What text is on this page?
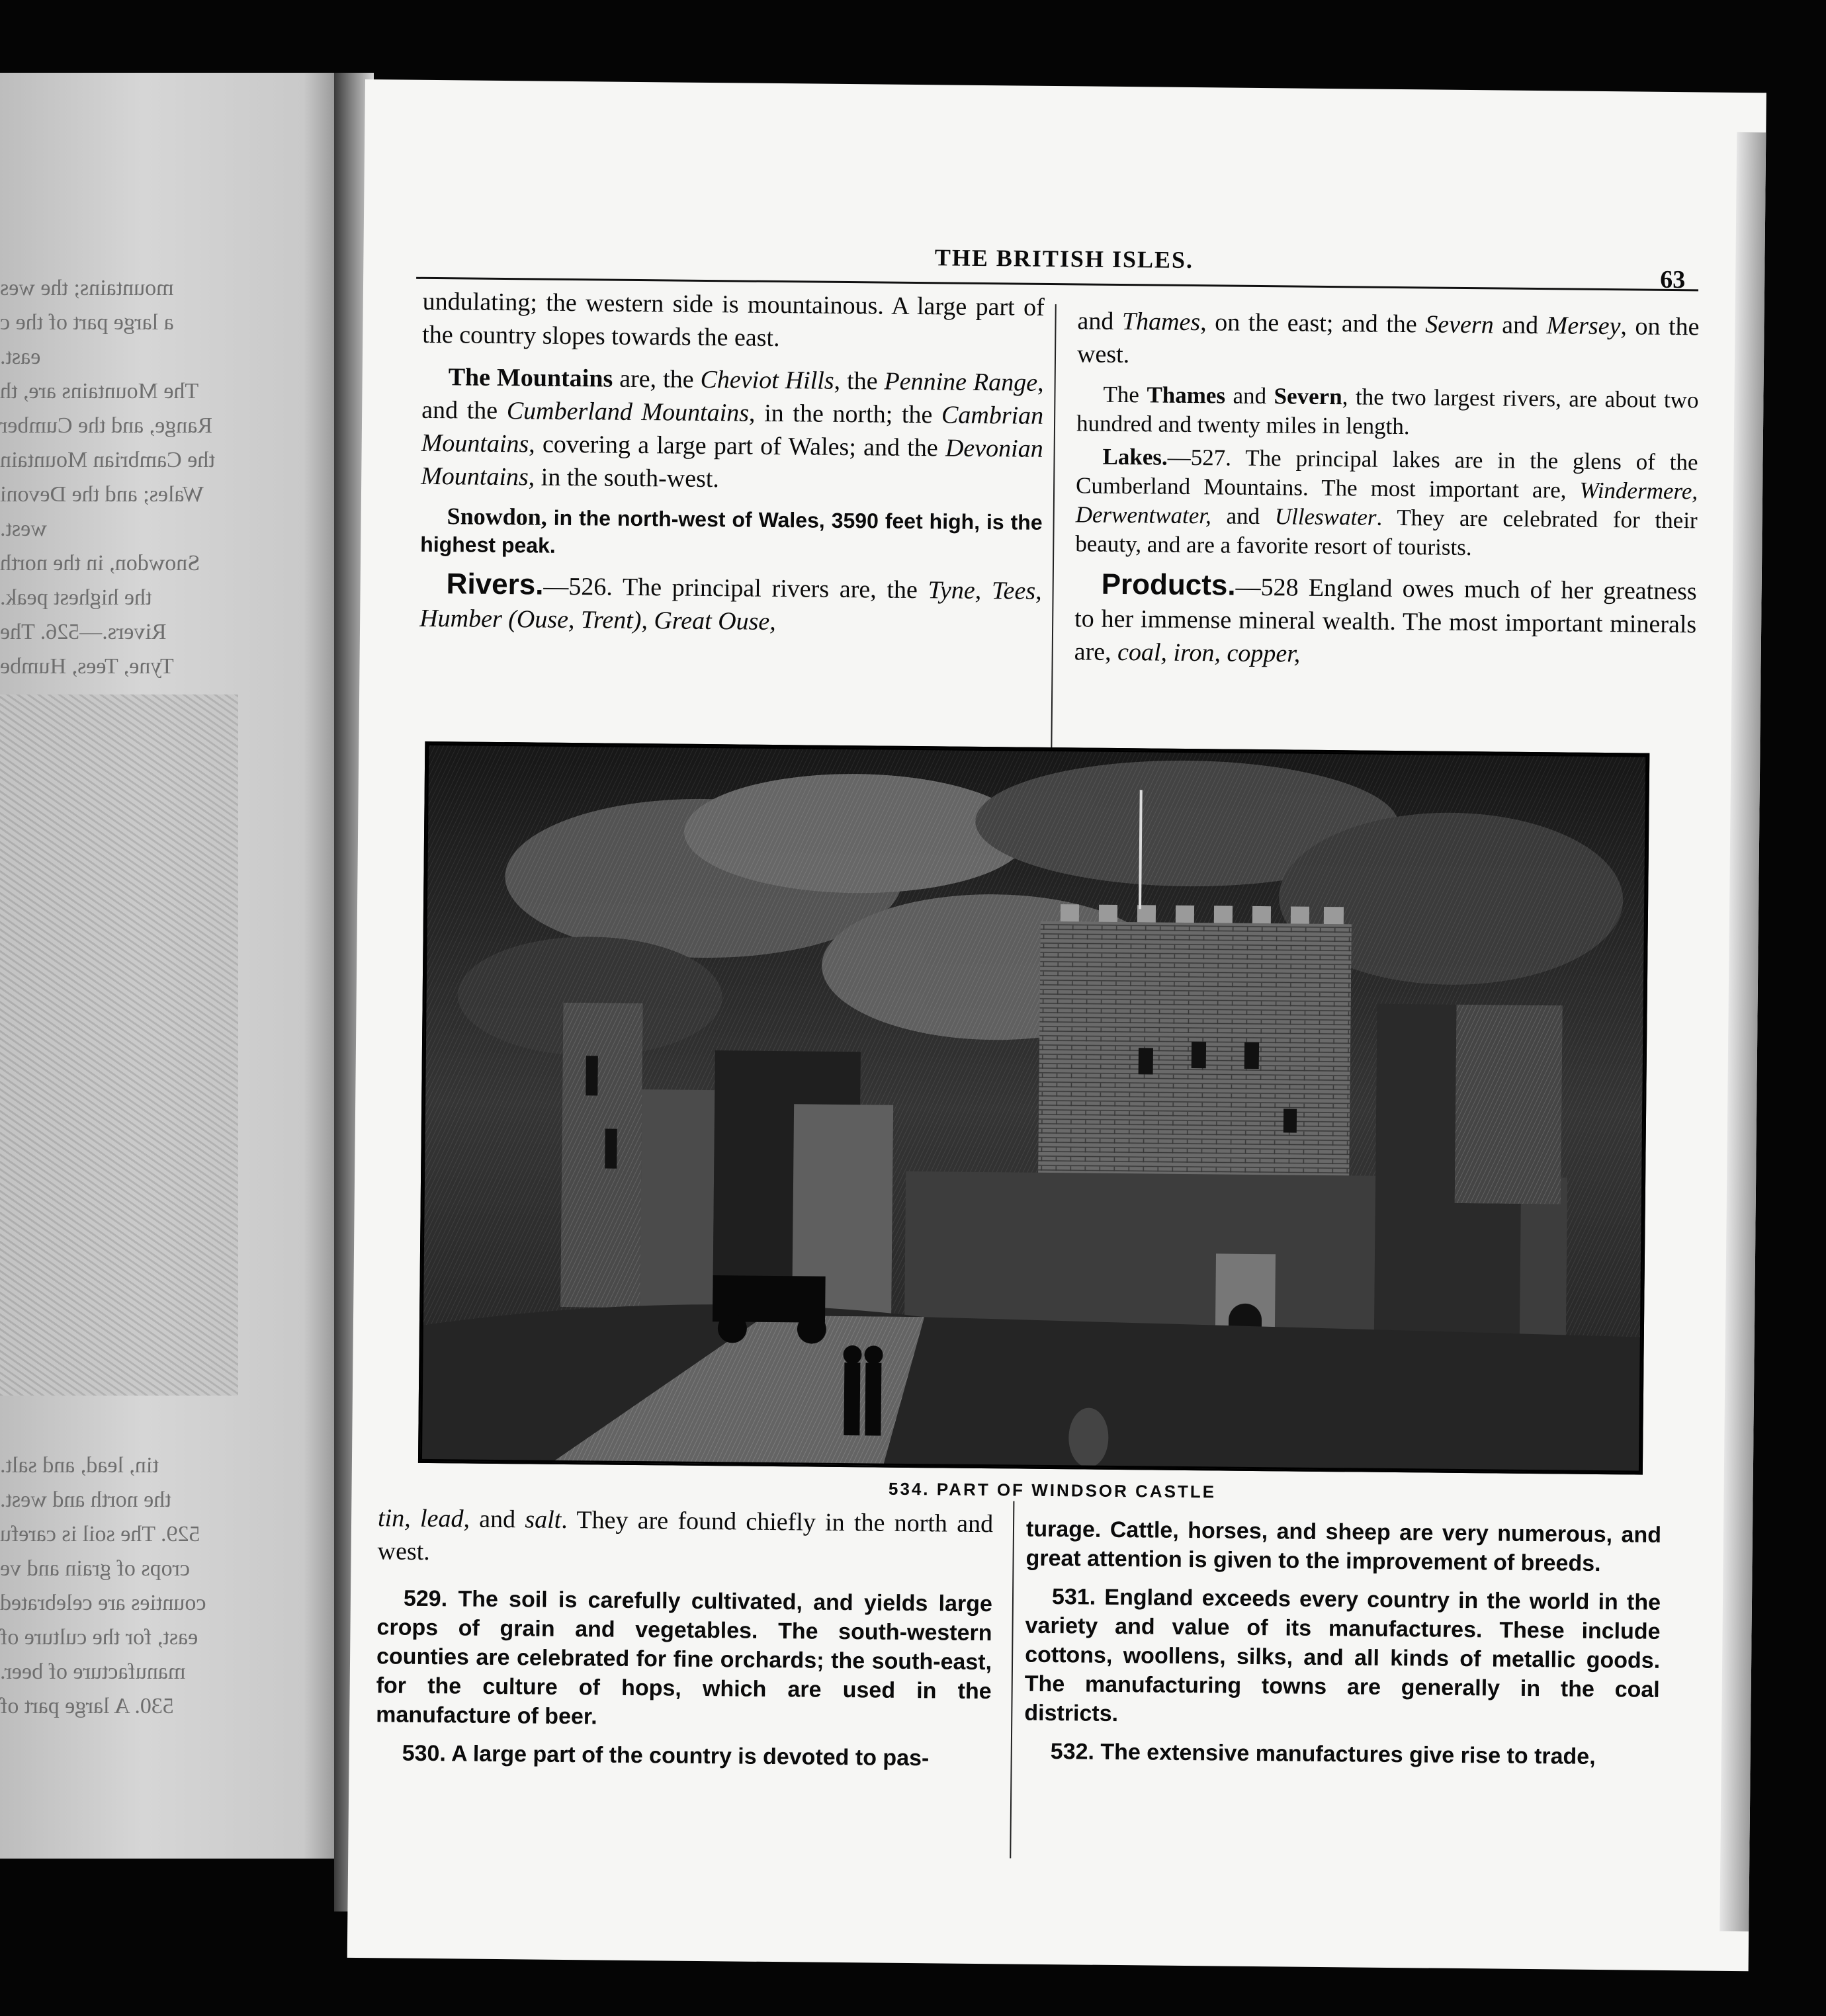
mountains; the wes
a large part of the c
east.
The Mountains are, th
Range, and the Cumber
the Cambrian Mountain
Wales; and the Devoni
west.
Snowdon, in the north
the highest peak.
Rivers.—526. The
Tyne, Tees, Humbe
tin, lead, and salt.
the north and west.
529. The soil is carefu
crops of grain and ve
counties are celebrated
east, for the culture of
manufacture of beer.
530. A large part of
THE BRITISH ISLES.
63

undulating; the western side is mountainous. A large part of the country slopes towards the east.

The Mountains are, the Cheviot Hills, the Pennine Range, and the Cumberland Mountains, in the north; the Cambrian Mountains, covering a large part of Wales; and the Devonian Mountains, in the south-west.

Snowdon, in the north-west of Wales, 3590 feet high, is the highest peak.

Rivers.—526. The principal rivers are, the Tyne, Tees, Humber (Ouse, Trent), Great Ouse,

and Thames, on the east; and the Severn and Mersey, on the west.

The Thames and Severn, the two largest rivers, are about two hundred and twenty miles in length.

Lakes.—527. The principal lakes are in the glens of the Cumberland Mountains. The most important are, Windermere, Derwentwater, and Ulleswater. They are celebrated for their beauty, and are a favorite resort of tourists.

Products.—528 England owes much of her greatness to her immense mineral wealth. The most important minerals are, coal, iron, copper,

534. PART OF WINDSOR CASTLE

tin, lead, and salt. They are found chiefly in the north and west.

529. The soil is carefully cultivated, and yields large crops of grain and vegetables. The south-western counties are celebrated for fine orchards; the south-east, for the culture of hops, which are used in the manufacture of beer.

530. A large part of the country is devoted to pas-

turage. Cattle, horses, and sheep are very numerous, and great attention is given to the improvement of breeds.

531. England exceeds every country in the world in the variety and value of its manufactures. These include cottons, woollens, silks, and all kinds of metallic goods. The manufacturing towns are generally in the coal districts.

532. The extensive manufactures give rise to trade,
